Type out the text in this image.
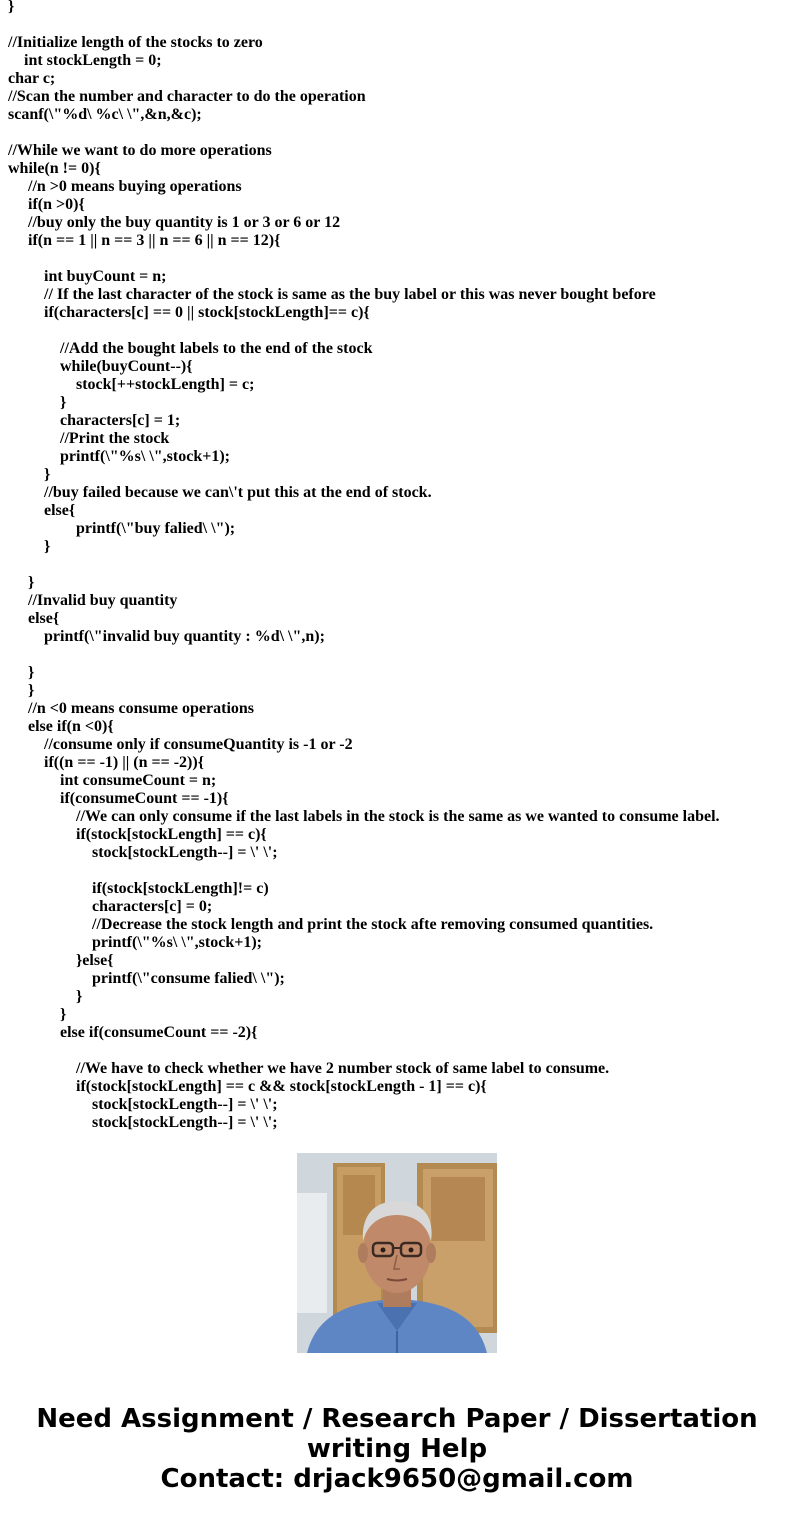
}
//Initialize length of the stocks to zero
int stockLength = 0;
char c;
//Scan the number and character to do the operation
scanf(\"%d\ %c\ \",&n,&c);
//While we want to do more operations
while(n != 0){
//n >0 means buying operations
if(n >0){
//buy only the buy quantity is 1 or 3 or 6 or 12
if(n == 1 || n == 3 || n == 6 || n == 12){
int buyCount = n;
// If the last character of the stock is same as the buy label or this was never bought before
if(characters[c] == 0 || stock[stockLength]== c){
//Add the bought labels to the end of the stock
while(buyCount--){
stock[++stockLength] = c;
}
characters[c] = 1;
//Print the stock
printf(\"%s\ \",stock+1);
}
//buy failed because we can\'t put this at the end of stock.
else{
printf(\"buy falied\ \");
}
}
//Invalid buy quantity
else{
printf(\"invalid buy quantity : %d\ \",n);
}
}
//n <0 means consume operations
else if(n <0){
//consume only if consumeQuantity is -1 or -2
if((n == -1) || (n == -2)){
int consumeCount = n;
if(consumeCount == -1){
//We can only consume if the last labels in the stock is the same as we wanted to consume label.
if(stock[stockLength] == c){
stock[stockLength--] = \' \';
if(stock[stockLength]!= c)
characters[c] = 0;
//Decrease the stock length and print the stock afte removing consumed quantities.
printf(\"%s\ \",stock+1);
}else{
printf(\"consume falied\ \");
}
}
else if(consumeCount == -2){
//We have to check whether we have 2 number stock of same label to consume.
if(stock[stockLength] == c && stock[stockLength - 1] == c){
stock[stockLength--] = \' \';
stock[stockLength--] = \' \';
Need Assignment / Research Paper / Dissertation
writing Help
Contact: drjack9650@gmail.com
